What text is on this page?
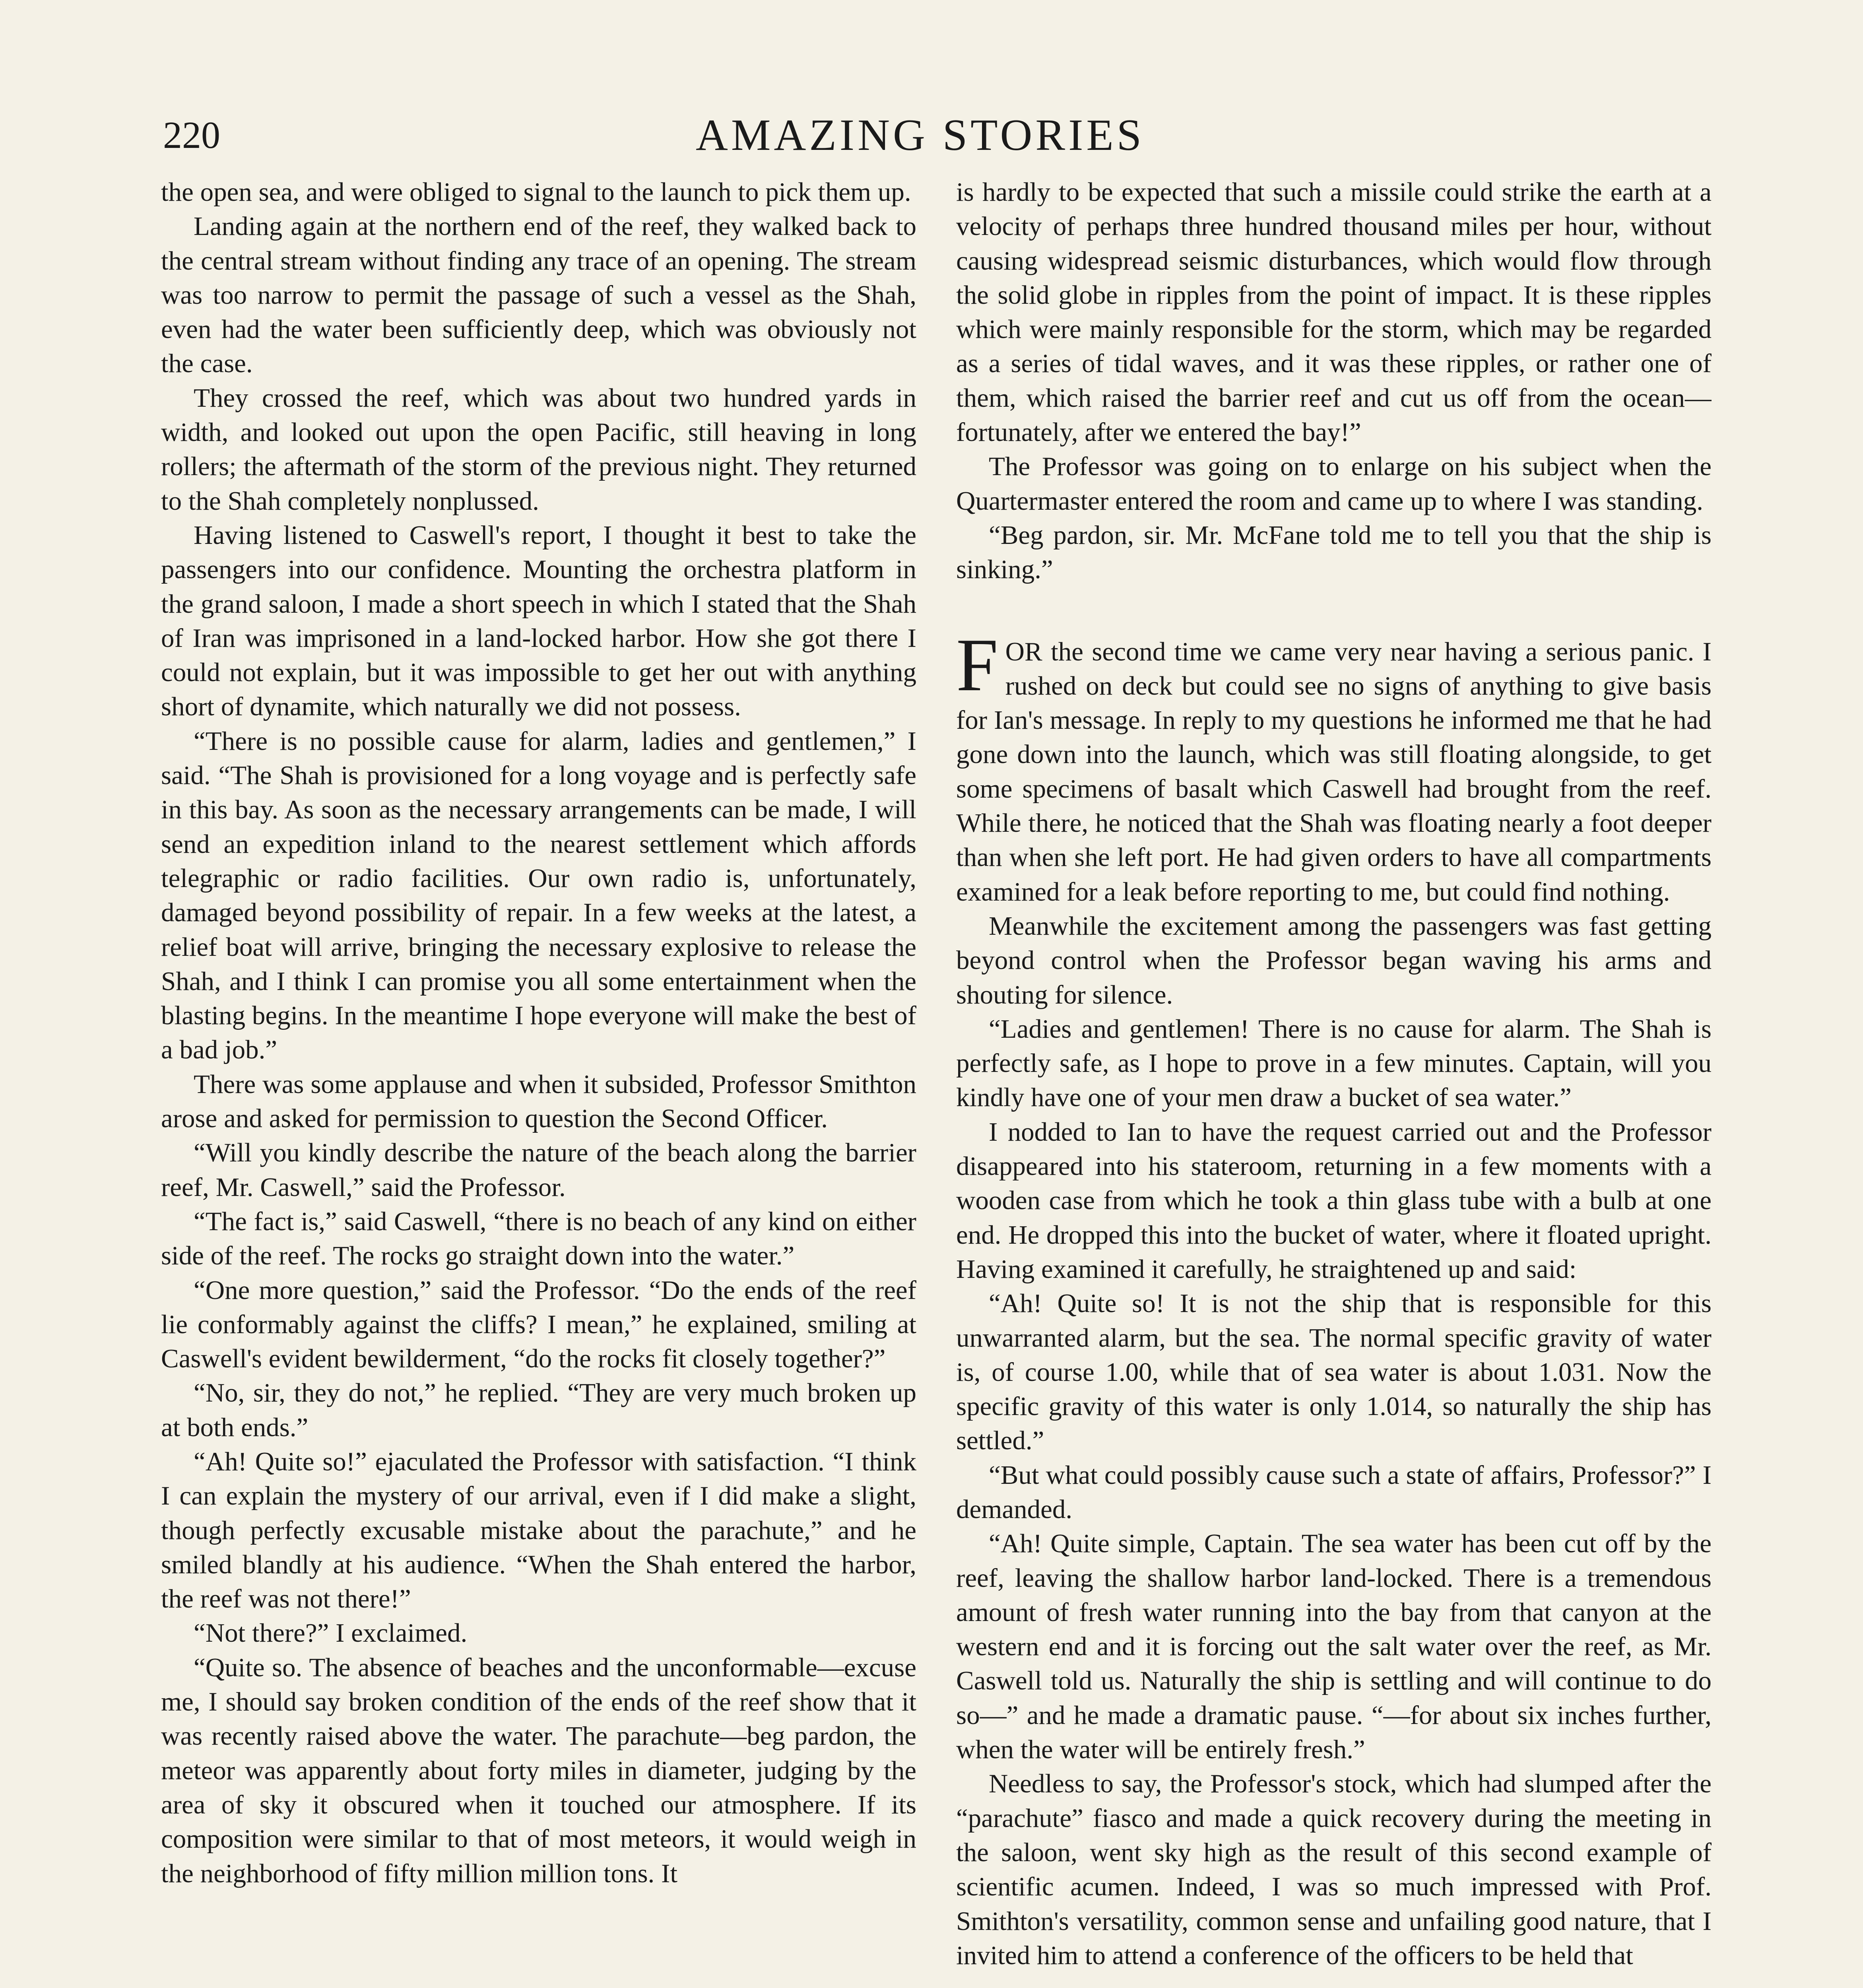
220	AMAZING STORIES

the open sea, and were obliged to signal to the launch to pick them up.

Landing again at the northern end of the reef, they walked back to the central stream without finding any trace of an opening. The stream was too narrow to permit the passage of such a vessel as the Shah, even had the water been sufficiently deep, which was obviously not the case.

They crossed the reef, which was about two hundred yards in width, and looked out upon the open Pacific, still heaving in long rollers; the aftermath of the storm of the previous night. They returned to the Shah completely nonplussed.

Having listened to Caswell's report, I thought it best to take the passengers into our confidence. Mounting the orchestra platform in the grand saloon, I made a short speech in which I stated that the Shah of Iran was imprisoned in a land-locked harbor. How she got there I could not explain, but it was impossible to get her out with anything short of dynamite, which naturally we did not possess.

“There is no possible cause for alarm, ladies and gentlemen,” I said. “The Shah is provisioned for a long voyage and is perfectly safe in this bay. As soon as the necessary arrangements can be made, I will send an expedition inland to the nearest settlement which affords telegraphic or radio facilities. Our own radio is, unfortunately, damaged beyond possibility of repair. In a few weeks at the latest, a relief boat will arrive, bringing the necessary explosive to release the Shah, and I think I can promise you all some entertainment when the blasting begins. In the meantime I hope everyone will make the best of a bad job.”

There was some applause and when it subsided, Professor Smithton arose and asked for permission to question the Second Officer.

“Will you kindly describe the nature of the beach along the barrier reef, Mr. Caswell,” said the Professor.

“The fact is,” said Caswell, “there is no beach of any kind on either side of the reef. The rocks go straight down into the water.”

“One more question,” said the Professor. “Do the ends of the reef lie conformably against the cliffs? I mean,” he explained, smiling at Caswell's evident bewilderment, “do the rocks fit closely together?”

“No, sir, they do not,” he replied. “They are very much broken up at both ends.”

“Ah! Quite so!” ejaculated the Professor with satisfaction. “I think I can explain the mystery of our arrival, even if I did make a slight, though perfectly excusable mistake about the parachute,” and he smiled blandly at his audience. “When the Shah entered the harbor, the reef was not there!”

“Not there?” I exclaimed.

“Quite so. The absence of beaches and the unconformable—excuse me, I should say broken condition of the ends of the reef show that it was recently raised above the water. The parachute—beg pardon, the meteor was apparently about forty miles in diameter, judging by the area of sky it obscured when it touched our atmosphere. If its composition were similar to that of most meteors, it would weigh in the neighborhood of fifty million million tons. It

is hardly to be expected that such a missile could strike the earth at a velocity of perhaps three hundred thousand miles per hour, without causing widespread seismic disturbances, which would flow through the solid globe in ripples from the point of impact. It is these ripples which were mainly responsible for the storm, which may be regarded as a series of tidal waves, and it was these ripples, or rather one of them, which raised the barrier reef and cut us off from the ocean—fortunately, after we entered the bay!”

The Professor was going on to enlarge on his subject when the Quartermaster entered the room and came up to where I was standing.

“Beg pardon, sir. Mr. McFane told me to tell you that the ship is sinking.”

FOR the second time we came very near having a serious panic. I rushed on deck but could see no signs of anything to give basis for Ian's message. In reply to my questions he informed me that he had gone down into the launch, which was still floating alongside, to get some specimens of basalt which Caswell had brought from the reef. While there, he noticed that the Shah was floating nearly a foot deeper than when she left port. He had given orders to have all compartments examined for a leak before reporting to me, but could find nothing.

Meanwhile the excitement among the passengers was fast getting beyond control when the Professor began waving his arms and shouting for silence.

“Ladies and gentlemen! There is no cause for alarm. The Shah is perfectly safe, as I hope to prove in a few minutes. Captain, will you kindly have one of your men draw a bucket of sea water.”

I nodded to Ian to have the request carried out and the Professor disappeared into his stateroom, returning in a few moments with a wooden case from which he took a thin glass tube with a bulb at one end. He dropped this into the bucket of water, where it floated upright. Having examined it carefully, he straightened up and said:

“Ah! Quite so! It is not the ship that is responsible for this unwarranted alarm, but the sea. The normal specific gravity of water is, of course 1.00, while that of sea water is about 1.031. Now the specific gravity of this water is only 1.014, so naturally the ship has settled.”

“But what could possibly cause such a state of affairs, Professor?” I demanded.

“Ah! Quite simple, Captain. The sea water has been cut off by the reef, leaving the shallow harbor land-locked. There is a tremendous amount of fresh water running into the bay from that canyon at the western end and it is forcing out the salt water over the reef, as Mr. Caswell told us. Naturally the ship is settling and will continue to do so—” and he made a dramatic pause. “—for about six inches further, when the water will be entirely fresh.”

Needless to say, the Professor's stock, which had slumped after the “parachute” fiasco and made a quick recovery during the meeting in the saloon, went sky high as the result of this second example of scientific acumen. Indeed, I was so much impressed with Prof. Smithton's versatility, common sense and unfailing good nature, that I invited him to attend a conference of the officers to be held that
